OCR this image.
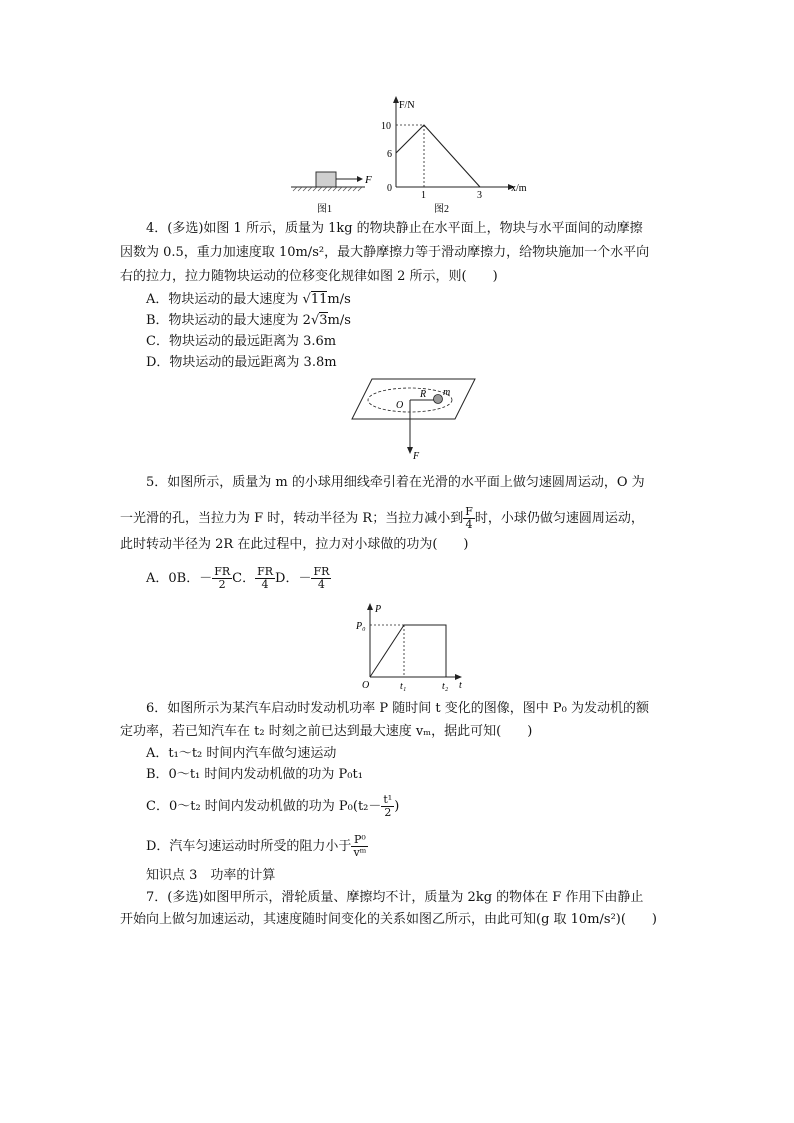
F
图1
F/N
x/m
10
6
0
1	3
图2
4．(多选)如图 1 所示，质量为 1kg 的物块静止在水平面上，物块与水平面间的动摩擦
因数为 0.5，重力加速度取 10m/s²，最大静摩擦力等于滑动摩擦力，给物块施加一个水平向
右的拉力，拉力随物块运动的位移变化规律如图 2 所示，则(　　)
A．物块运动的最大速度为 √11m/s
B．物块运动的最大速度为 2√3m/s
C．物块运动的最远距离为 3.6m
D．物块运动的最远距离为 3.8m
O
R m
F
5．如图所示，质量为 m 的小球用细线牵引着在光滑的水平面上做匀速圆周运动，O 为
一光滑的孔，当拉力为 F 时，转动半径为 R；当拉力减小到 $\frac{F}{4}$ 时，小球仍做匀速圆周运动，
此时转动半径为 2R 在此过程中，拉力对小球做的功为(　　)
A．0B．－ $\frac{FR}{2}$ C． $\frac{FR}{4}$ D．－ $\frac{FR}{4}$
P
P₀
O	t₁	t₂ t
6．如图所示为某汽车启动时发动机功率 P 随时间 t 变化的图像，图中 P₀ 为发动机的额
定功率，若已知汽车在 t₂ 时刻之前已达到最大速度 vₘ，据此可知(　　)
A．t₁～t₂ 时间内汽车做匀速运动
B．0～t₁ 时间内发动机做的功为 P₀t₁
C．0～t₂ 时间内发动机做的功为 $P_0(t_2- \frac{\text{t¹}}{2}$ )
D．汽车匀速运动时所受的阻力小于 $\frac{\text{P⁰}}{\text{vᵐ}}$
知识点 3　功率的计算
7．(多选)如图甲所示，滑轮质量、摩擦均不计，质量为 2kg 的物体在 F 作用下由静止
开始向上做匀加速运动，其速度随时间变化的关系如图乙所示，由此可知(g 取 10m/s²)(　　)
